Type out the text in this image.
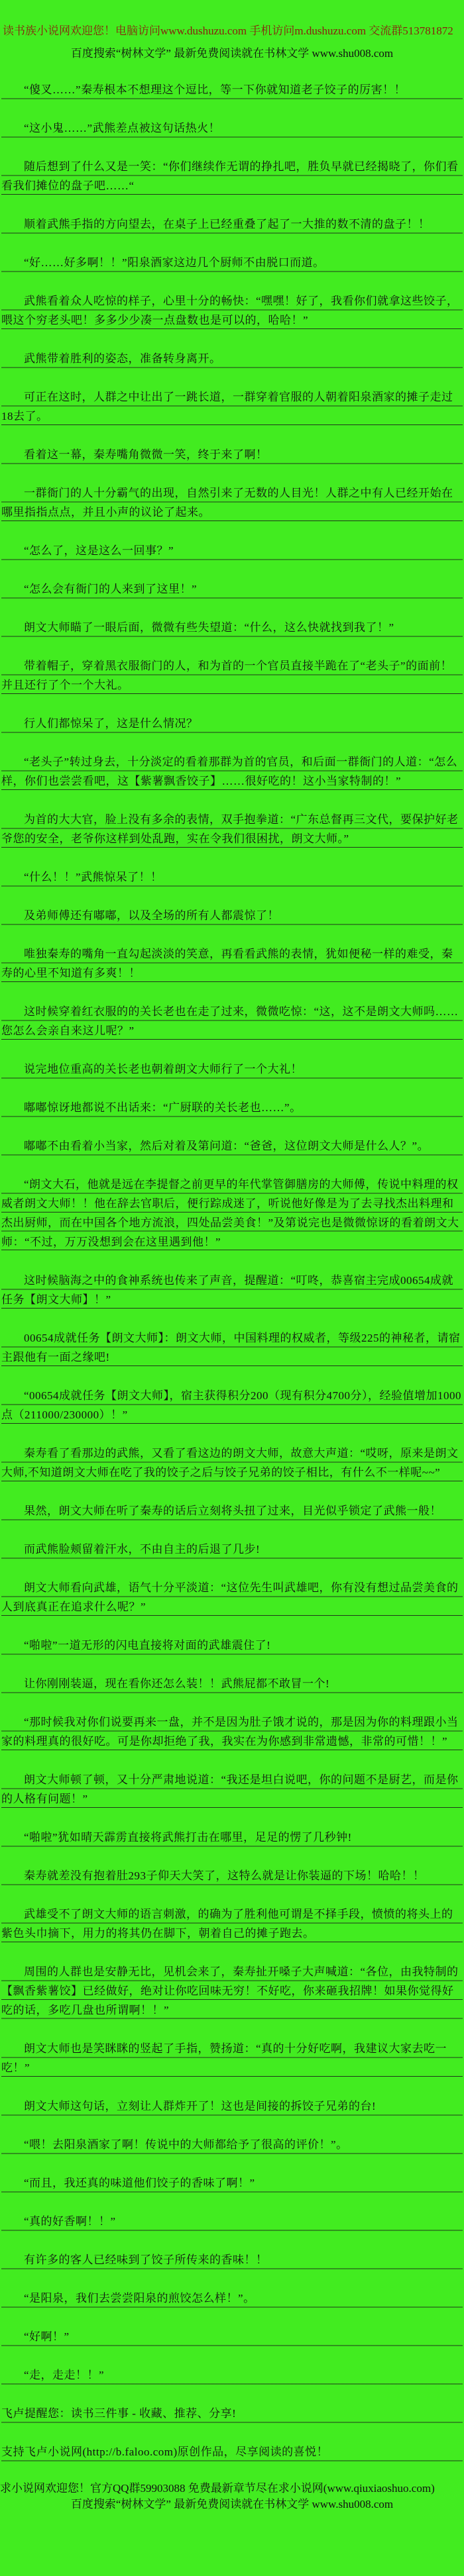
读书族小说网欢迎您！电脑访问www.dushuzu.com 手机访问m.dushuzu.com 交流群513781872
百度搜索“树林文学” 最新免费阅读就在书林文学 www.shu008.com

“傻叉……”秦寿根本不想理这个逗比，等一下你就知道老子饺子的厉害！！

“这小鬼……”武熊差点被这句话热火！

随后想到了什么又是一笑：“你们继续作无谓的挣扎吧，胜负早就已经揭晓了，你们看看我们摊位的盘子吧……“

顺着武熊手指的方向望去，在桌子上已经重叠了起了一大推的数不清的盘子！！

“好……好多啊！！”阳泉酒家这边几个厨师不由脱口而道。

武熊看着众人吃惊的样子，心里十分的畅快：“嘿嘿！好了，我看你们就拿这些饺子，喂这个穷老头吧！多多少少凑一点盘数也是可以的，哈哈！”

武熊带着胜利的姿态，准备转身离开。

可正在这时，人群之中让出了一跳长道，一群穿着官服的人朝着阳泉酒家的摊子走过18去了。

看着这一幕，秦寿嘴角微微一笑，终于来了啊！

一群衙门的人十分霸气的出现，自然引来了无数的人目光！人群之中有人已经开始在哪里指指点点，并且小声的议论了起来。

“怎么了，这是这么一回事？”

“怎么会有衙门的人来到了这里！”

朗文大师瞄了一眼后面，微微有些失望道：“什么，这么快就找到我了！”

带着帽子，穿着黑衣服衙门的人，和为首的一个官员直接半跪在了“老头子”的面前！并且还行了个一个大礼。

行人们都惊呆了，这是什么情况？

“老头子”转过身去，十分淡定的看着那群为首的官员，和后面一群衙门的人道：“怎么样，你们也尝尝看吧，这【紫薯飘香饺子】……很好吃的！这小当家特制的！”

为首的大大官，脸上没有多余的表情，双手抱拳道：“广东总督再三文代，要保护好老爷您的安全，老爷你这样到处乱跑，实在令我们很困扰，朗文大师。”

“什么！！”武熊惊呆了！！

及弟师傅还有嘟嘟，以及全场的所有人都震惊了！

唯独秦寿的嘴角一直勾起淡淡的笑意，再看看武熊的表情，犹如便秘一样的难受，秦寿的心里不知道有多爽！！

这时候穿着红衣服的的关长老也在走了过来，微微吃惊：“这，这不是朗文大师吗……您怎么会亲自来这儿呢？”

说完地位重高的关长老也朝着朗文大师行了一个大礼！

嘟嘟惊讶地都说不出话来：“广厨联的关长老也……”。

嘟嘟不由看着小当家，然后对着及第问道：“爸爸，这位朗文大师是什么人？”。

“朗文大石，他就是远在李提督之前更早的年代掌管御膳房的大师傅，传说中料理的权威者朗文大师！！他在辞去官职后，便行踪成迷了，听说他好像是为了去寻找杰出料理和杰出厨师，而在中国各个地方流浪，四处品尝美食！”及第说完也是微微惊讶的看着朗文大师：“不过，万万没想到会在这里遇到他！”

这时候脑海之中的食神系统也传来了声音，提醒道：“叮咚，恭喜宿主完成00654成就任务【朗文大师】！”

00654成就任务【朗文大师】：朗文大师，中国料理的权威者，等级225的神秘者，请宿主跟他有一面之缘吧!

“00654成就任务【朗文大师】，宿主获得积分200（现有积分4700分），经验值增加1000点（211000/230000）！”

秦寿看了看那边的武熊，又看了看这边的朗文大师，故意大声道：“哎呀，原来是朗文大师,不知道朗文大师在吃了我的饺子之后与饺子兄弟的饺子相比，有什么不一样呢~~”

果然，朗文大师在听了秦寿的话后立刻将头扭了过来，目光似乎锁定了武熊一般！

而武熊脸颊留着汗水，不由自主的后退了几步!

朗文大师看向武雄，语气十分平淡道：“这位先生叫武雄吧，你有没有想过品尝美食的人到底真正在追求什么呢？”

“啪啦”一道无形的闪电直接将对面的武雄震住了!

让你刚刚装逼，现在看你还怎么装！！武熊屁都不敢冒一个!

“那时候我对你们说要再来一盘，并不是因为肚子饿才说的，那是因为你的料理跟小当家的料理真的很好吃。可是你却拒绝了我，我实在为你感到非常遗憾，非常的可惜！！”

朗文大师顿了顿，又十分严肃地说道：“我还是坦白说吧，你的问题不是厨艺，而是你的人格有问题！”

“啪啦”犹如晴天霹雳直接将武熊打击在哪里，足足的愣了几秒钟!

秦寿就差没有抱着肚293子仰天大笑了，这特么就是让你装逼的下场！哈哈！！

武雄受不了朗文大师的语言刺激，的确为了胜利他可谓是不择手段，愤愤的将头上的紫色头巾摘下，用力的将其仍在脚下，朝着自己的摊子跑去。

周围的人群也是安静无比，见机会来了，秦寿扯开嗓子大声喊道：“各位，由我特制的【飘香紫薯饺】已经做好，绝对让你吃回味无穷！不好吃，你来砸我招牌！如果你觉得好吃的话，多吃几盘也所谓啊！！”

朗文大师也是笑眯眯的竖起了手指，赞扬道：“真的十分好吃啊，我建议大家去吃一吃！”

朗文大师这句话，立刻让人群炸开了！这也是间接的拆饺子兄弟的台!

“喂！去阳泉酒家了啊！传说中的大师都给予了很高的评价！”。

“而且，我还真的味道他们饺子的香味了啊！”

“真的好香啊！！”

有许多的客人已经味到了饺子所传来的香味！！

“是阳泉，我们去尝尝阳泉的煎饺怎么样！”。

“好啊！”

“走，走走！！”

飞卢提醒您：读书三件事 - 收藏、推荐、分享!

支持飞卢小说网(http://b.faloo.com)原创作品，尽享阅读的喜悦！

求小说网欢迎您！官方QQ群59903088 免费最新章节尽在求小说网(www.qiuxiaoshuo.com)
百度搜索“树林文学” 最新免费阅读就在书林文学 www.shu008.com
